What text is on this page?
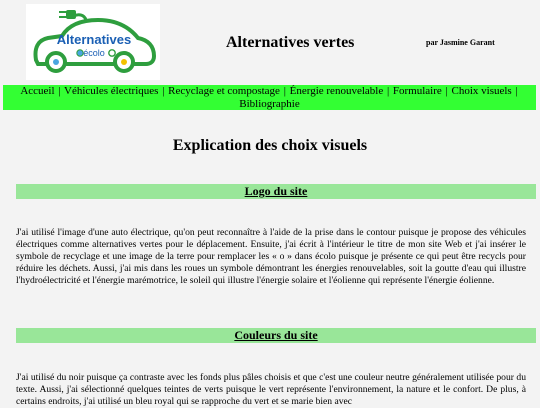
Alternatives
écolo
Alternatives vertes	par Jasmine Garant
Accueil | Véhicules électriques | Recyclage et compostage | Énergie renouvelable | Formulaire | Choix visuels |
Bibliographie
Explication des choix visuels
Logo du site

J'ai utilisé l'image d'une auto électrique, qu'on peut reconnaître à l'aide de la prise dans le contour puisque je propose des véhicules électriques comme alternatives vertes pour le déplacement. Ensuite, j'ai écrit à l'intérieur le titre de mon site Web et j'ai insérer le symbole de recyclage et une image de la terre pour remplacer les « o » dans écolo puisque je présente ce qui peut être recycls pour réduire les déchets. Aussi, j'ai mis dans les roues un symbole démontrant les énergies renouvelables, soit la goutte d'eau qui illustre l'hydroélectricité et l'énergie marémotrice, le soleil qui illustre l'énergie solaire et l'éolienne qui représente l'énergie éolienne.

Couleurs du site

J'ai utilisé du noir puisque ça contraste avec les fonds plus pâles choisis et que c'est une couleur neutre généralement utilisée pour du texte. Aussi, j'ai sélectionné quelques teintes de verts puisque le vert représente l'environnement, la nature et le confort. De plus, à certains endroits, j'ai utilisé un bleu royal qui se rapproche du vert et se marie bien avec
